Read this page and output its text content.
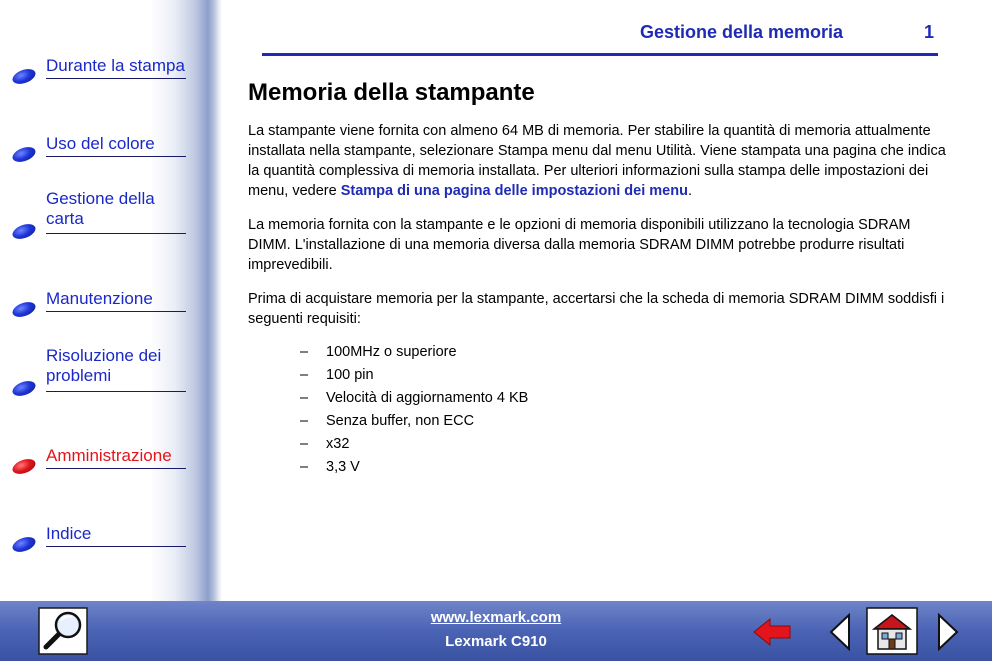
Durante la stampa
Uso del colore
Gestione della
carta
Manutenzione
Risoluzione dei
problemi
Amministrazione
Indice
Gestione della memoria	1
Memoria della stampante

La stampante viene fornita con almeno 64 MB di memoria. Per stabilire la quantità di memoria attualmente installata nella stampante, selezionare Stampa menu dal menu Utilità. Viene stampata una pagina che indica la quantità complessiva di memoria installata. Per ulteriori informazioni sulla stampa delle impostazioni dei menu, vedere Stampa di una pagina delle impostazioni dei menu.

La memoria fornita con la stampante e le opzioni di memoria disponibili utilizzano la tecnologia SDRAM DIMM. L'installazione di una memoria diversa dalla memoria SDRAM DIMM potrebbe produrre risultati imprevedibili.

Prima di acquistare memoria per la stampante, accertarsi che la scheda di memoria SDRAM DIMM soddisfi i seguenti requisiti:

– 100MHz o superiore
– 100 pin
– Velocità di aggiornamento 4 KB
– Senza buffer, non ECC
– x32
– 3,3 V
www.lexmark.com
Lexmark C910
